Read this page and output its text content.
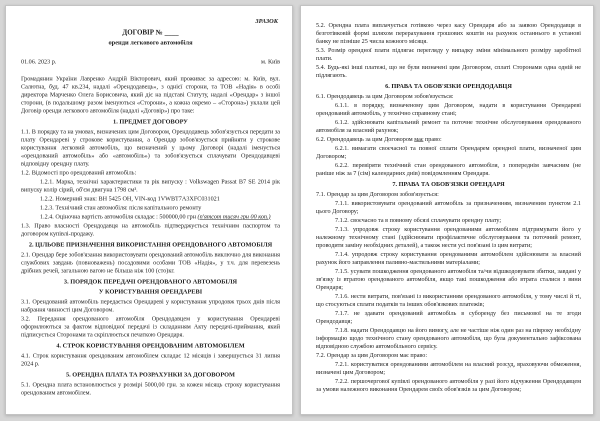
ЗРАЗОК
ДОГОВІР № ____
оренди легкового автомобіля
01.06. 2023 р.	м. Київ

Громадянин України Лавренко Андрій Вікторович, який проживає за адресою: м. Київ, вул. Салютна, буд. 47 кв.234, надалі «Орендодавець», з однієї сторони, та ТОВ «Надія» в особі директора Марченко Олега Борисовича, який діє на підставі Статуту, надалі «Орендар» з іншої сторони, (в подальшому разом іменуються «Сторони», а кожна окремо – «Сторона») уклали цей Договір оренди легкового автомобіля (надалі «Договір») про таке:

1. ПРЕДМЕТ ДОГОВОРУ

1.1. В порядку та на умовах, визначених цим Договором, Орендодавець зобов'язується передати за плату Орендареві у строкове користування, а Орендар зобов'язується прийняти у строкове користування легковий автомобіль, що визначений у цьому Договорі (надалі іменується «орендований автомобіль» або «автомобіль») та зобов'язується сплачувати Орендодавцеві відповідну орендну плату.

1.2. Відомості про орендований автомобіль:

1.2.1. Марка, технічні характеристики та рік випуску : Volkswagen Passat B7 SE 2014 рік випуску колір сірий, об'єм двигуна 1798 см³.

1.2.2. Номерний знак: ВН 5425 ОН, VIN-код 1VWBT7A3XFC031021

1.2.3. Технічний стан автомобіля: після капітального ремонту

1.2.4. Оціночна вартість автомобіля складає : 500000,00 грн (п'ятсот тисяч грн 00 коп.)

1.3. Право власності Орендодавця на автомобіль підтверджується технічним паспортом та договором купівлі-продажу.

2. ЦІЛЬОВЕ ПРИЗНАЧЕННЯ ВИКОРИСТАННЯ ОРЕНДОВАНОГО АВТОМОБІЛЯ

2.1. Орендар бере зобов'язання використовувати орендований автомобіль виключно для виконання службових завдань (повноважень) посадовими особами ТОВ «Надія», у т.ч. для перевезень дрібних речей, загальною вагою не більша ніж 100 (сто)кг.

3. ПОРЯДОК ПЕРЕДАЧІ ОРЕНДОВАНОГО АВТОМОБІЛЯ
У КОРИСТУВАННЯ ОРЕНДАРЕВІ

3.1. Орендований автомобіль передається Орендареві у користування упродовж трьох днів після набрання чинності цим Договором.

3.2. Передання орендованого автомобіля Орендодавцем у користування Орендареві оформлюються за фактом відповідної передачі із складанням Акту передачі-приймання, який підписується Сторонами та скріплюється печаткою Орендаря.

4. СТРОК КОРИСТУВАННЯ ОРЕНДОВАНИМ АВТОМОБІЛЕМ

4.1. Строк користування орендованим автомобілем складає 12 місяців і завершується 31 липня 2024 р.

5. ОРЕНДНА ПЛАТА ТА РОЗРАХУНКИ ЗА ДОГОВОРОМ

5.1. Орендна плата встановлюється у розмірі 5000,00 грн. за кожен місяць строку користування орендованим автомобілем.

5.2. Орендна плата виплачується готівкою через касу Орендаря або за заявою Орендодавця в безготівковій формі шляхом перерахування грошових коштів на рахунок останнього в установі банку не пізніше 25 числа кожного місяця.

5.3. Розмір орендної плати підлягає перегляду у випадку зміни мінімального розміру заробітної плати.

5.4. Будь-які інші платежі, що не були визначені цим Договором, сплаті Сторонами одна одній не підлягають.

6. ПРАВА ТА ОБОВ'ЯЗКИ ОРЕНДОДАВЦЯ

6.1. Орендодавець за цим Договором зобов'язується:

6.1.1. в порядку, визначеному цим Договором, надати в користування Орендареві орендований автомобіль, у технічно справному стані;

6.1.2. здійснювати капітальний ремонт та поточне технічне обслуговування орендованого автомобіля за власний рахунок;

6.2. Орендодавець за цим Договором має право:

6.2.1. вимагати своєчасної та повної сплати Орендарем орендної плати, визначеної цим Договором;

6.2.2. перевіряти технічний стан орендованого автомобіля, з попереднім завчасним (не раніше ніж за 7 (сім) календарних днів) повідомленням Орендаря.

7. ПРАВА ТА ОБОВ'ЯЗКИ ОРЕНДАРЯ

7.1. Орендар за цим Договором зобов'язується:

7.1.1. використовувати орендований автомобіль за призначенням, визначеним пунктом 2.1 цього Договору;

7.1.2. своєчасно та в повному обсязі сплачувати орендну плату;

7.1.3. упродовж строку користування орендованими автомобілем підтримувати його у належному технічному стані (здійснювати профілактичне обслуговування та поточний ремонт, проводити заміну необхідних деталей), а також нести усі пов'язані із цим витрати;

7.1.4. упродовж строку користування орендованими автомобілем здійснювати за власний рахунок його заправлення паливно-мастильними матеріалами;

7.1.5. усувати пошкодження орендованого автомобіля та/чи відшкодовувати збитки, завдані у зв'язку із втратою орендованого автомобіля, якщо такі пошкодження або втрата сталися з вини Орендаря;

7.1.6. нести витрати, пов'язані із використанням орендованого автомобіля, у тому числі й ті, що стосуються сплати податків та інших обов'язкових платежів;

7.1.7. не здавати орендований автомобіль в суборенду без письмової на те згоди Орендодавця;

7.1.8. надати Орендодавцю на його вимогу, але не частіше ніж один раз на півроку необхідну інформацію щодо технічного стану орендованого автомобіля, що була документально зафіксована відповідною службою автомобільного сервісу.

7.2. Орендар за цим Договором має право:

7.2.1. користуватися орендованими автомобілем на власний розсуд, враховуючи обмеження, визначені цим Договором;

7.2.2. першочергової купівлі орендованого автомобіля у разі його відчуження Орендодавцем за умови належного виконання Орендарем своїх обов'язків за цим Договором;
